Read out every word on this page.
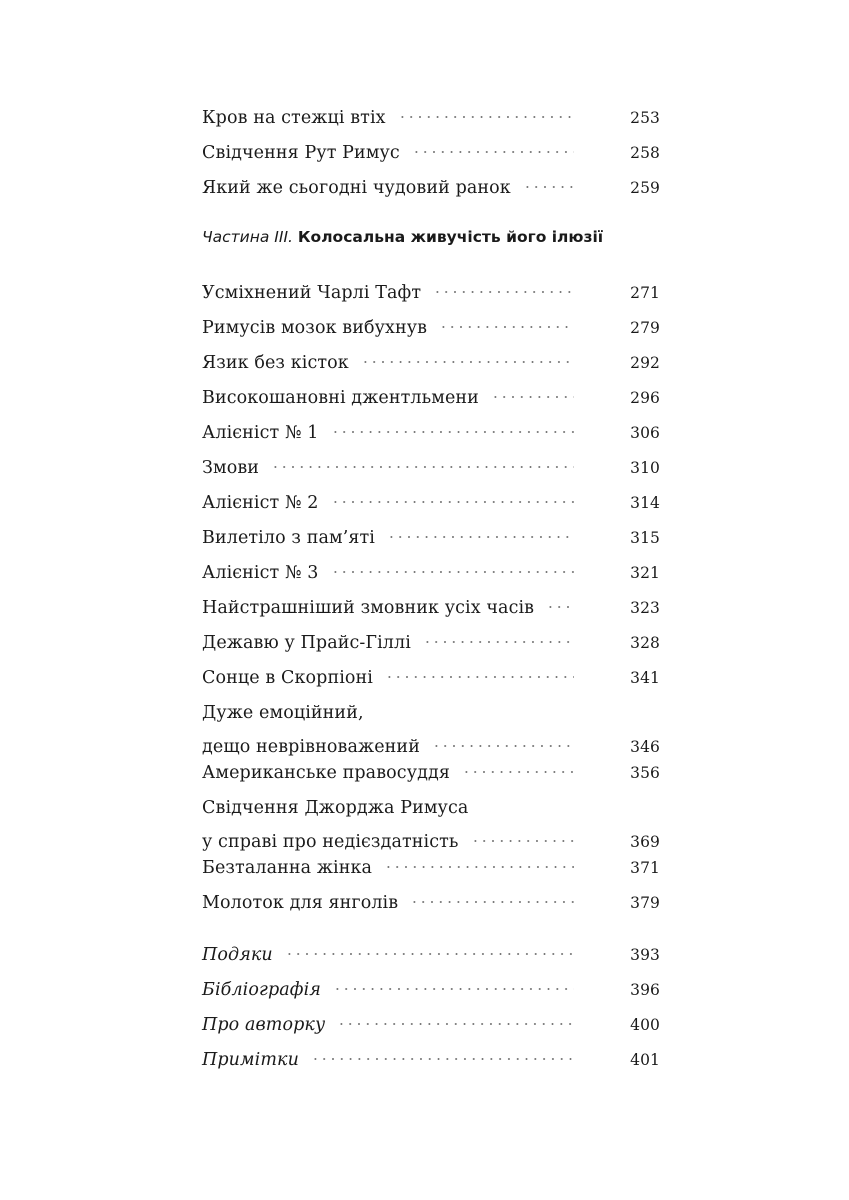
Кров на стежці втіх	253
Свідчення Рут Римус	258
Який же сьогодні чудовий ранок	259
Частина III. Колосальна живучість його ілюзії
Усміхнений Чарлі Тафт	271
Римусів мозок вибухнув	279
Язик без кісток	292
Високошановні джентльмени	296
Алієніст № 1	306
Змови	310
Алієніст № 2	314
Вилетіло з пам’яті	315
Алієніст № 3	321
Найстрашніший змовник усіх часів	323
Дежавю у Прайс-Гіллі	328
Сонце в Скорпіоні	341
Дуже емоційний,
дещо неврівноважений	346
Американське правосуддя	356
Свідчення Джорджа Римуса
у справі про недієздатність	369
Безталанна жінка	371
Молоток для янголів	379
Подяки	393
Бібліографія	396
Про авторку	400
Примітки	401
